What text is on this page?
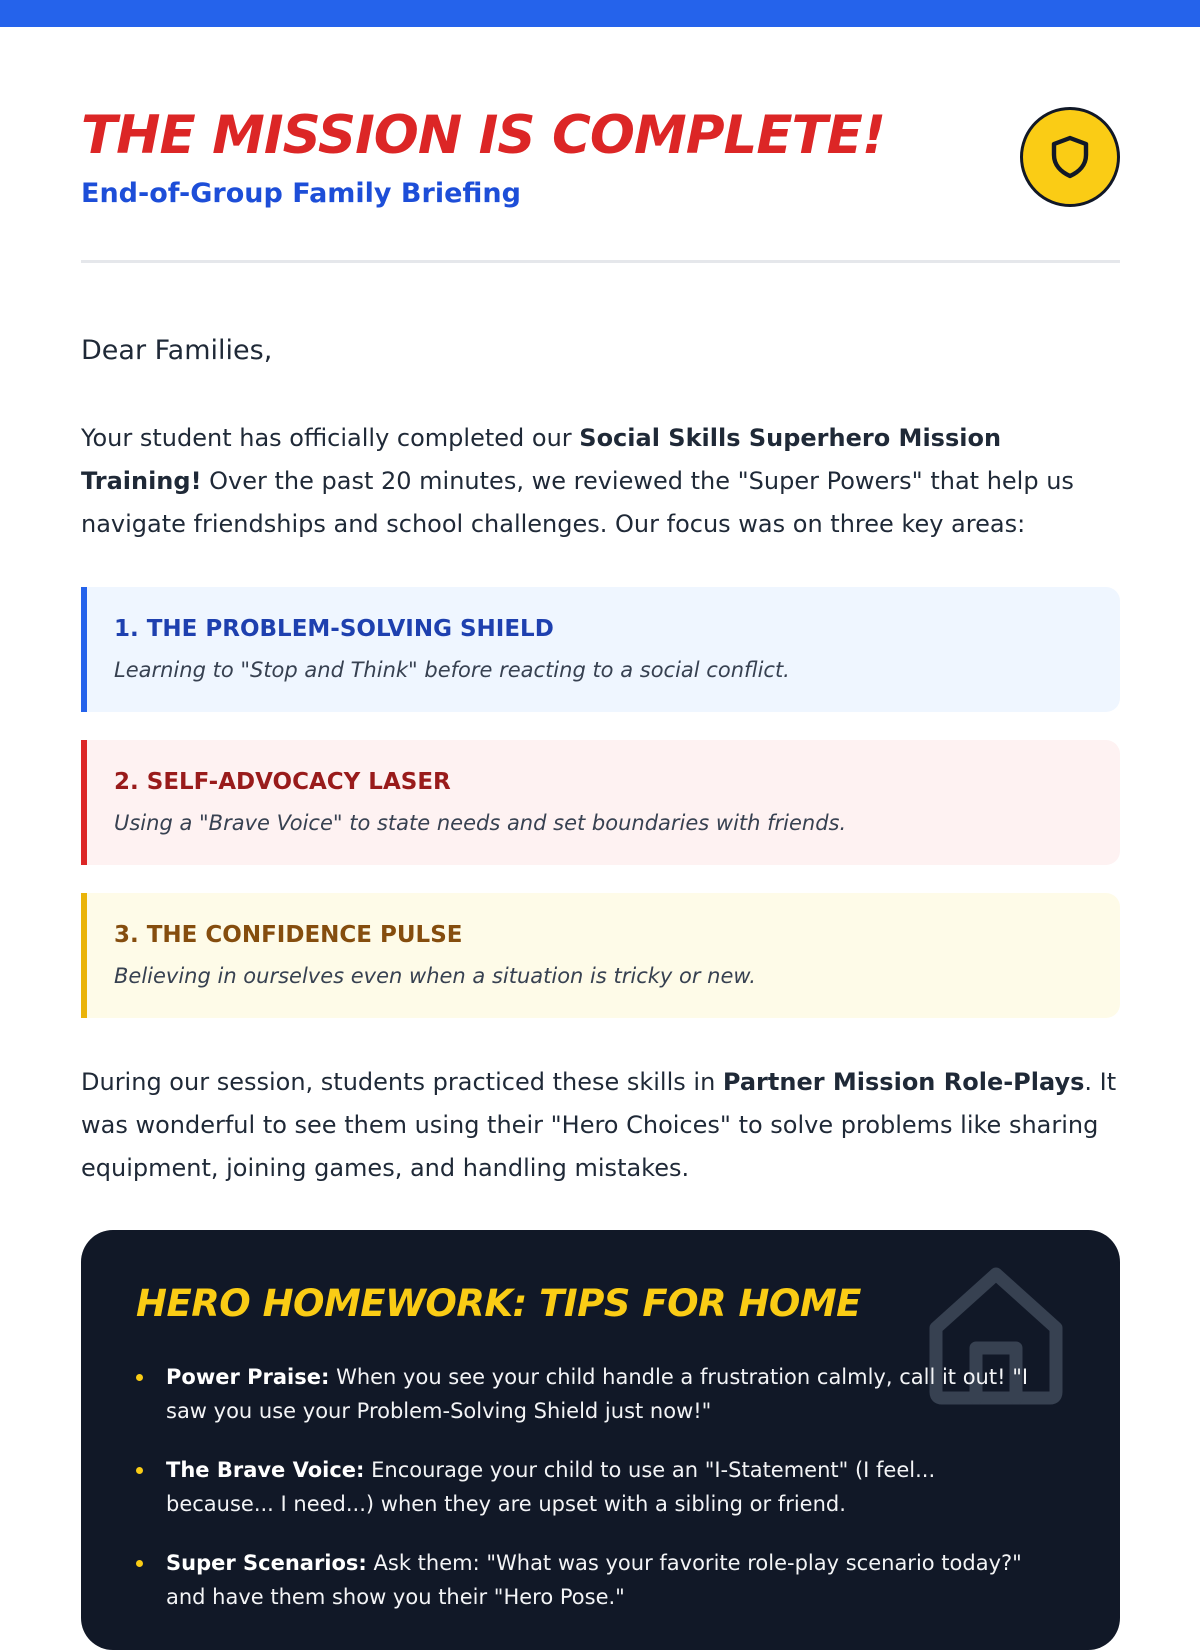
THE MISSION IS COMPLETE!
End-of-Group Family Briefing

Dear Families,

Your student has officially completed our Social Skills Superhero Mission Training! Over the past 20 minutes, we reviewed the "Super Powers" that help us navigate friendships and school challenges. Our focus was on three key areas:

1. THE PROBLEM-SOLVING SHIELD

Learning to "Stop and Think" before reacting to a social conflict.

2. SELF-ADVOCACY LASER

Using a "Brave Voice" to state needs and set boundaries with friends.

3. THE CONFIDENCE PULSE

Believing in ourselves even when a situation is tricky or new.

During our session, students practiced these skills in Partner Mission Role-Plays. It was wonderful to see them using their "Hero Choices" to solve problems like sharing equipment, joining games, and handling mistakes.

HERO HOMEWORK: TIPS FOR HOME
Power Praise: When you see your child handle a frustration calmly, call it out! "I saw you use your Problem-Solving Shield just now!"
The Brave Voice: Encourage your child to use an "I-Statement" (I feel... because... I need...) when they are upset with a sibling or friend.
Super Scenarios: Ask them: "What was your favorite role-play scenario today?" and have them show you their "Hero Pose."
